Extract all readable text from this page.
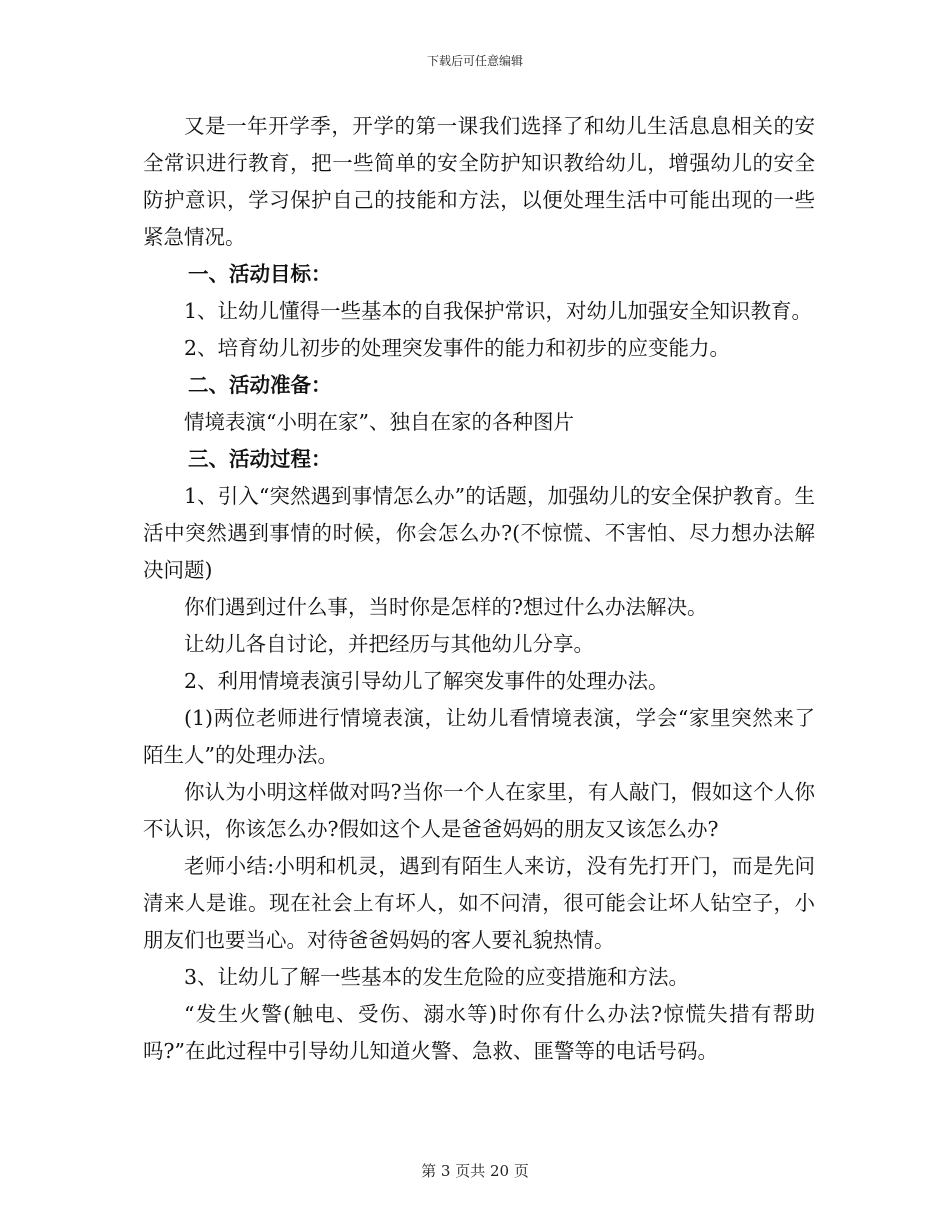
下载后可任意编辑

又是一年开学季，开学的第一课我们选择了和幼儿生活息息相关的安全常识进行教育，把一些简单的安全防护知识教给幼儿，增强幼儿的安全防护意识，学习保护自己的技能和方法，以便处理生活中可能出现的一些紧急情况。

一、活动目标：

1、让幼儿懂得一些基本的自我保护常识，对幼儿加强安全知识教育。

2、培育幼儿初步的处理突发事件的能力和初步的应变能力。

二、活动准备：

情境表演“小明在家”、独自在家的各种图片

三、活动过程：

1、引入“突然遇到事情怎么办”的话题，加强幼儿的安全保护教育。生活中突然遇到事情的时候，你会怎么办?(不惊慌、不害怕、尽力想办法解决问题)

你们遇到过什么事，当时你是怎样的?想过什么办法解决。

让幼儿各自讨论，并把经历与其他幼儿分享。

2、利用情境表演引导幼儿了解突发事件的处理办法。

(1)两位老师进行情境表演，让幼儿看情境表演，学会“家里突然来了陌生人”的处理办法。

你认为小明这样做对吗?当你一个人在家里，有人敲门，假如这个人你不认识，你该怎么办?假如这个人是爸爸妈妈的朋友又该怎么办?

老师小结:小明和机灵，遇到有陌生人来访，没有先打开门，而是先问清来人是谁。现在社会上有坏人，如不问清，很可能会让坏人钻空子，小朋友们也要当心。对待爸爸妈妈的客人要礼貌热情。

3、让幼儿了解一些基本的发生危险的应变措施和方法。

“发生火警(触电、受伤、溺水等)时你有什么办法?惊慌失措有帮助吗?”在此过程中引导幼儿知道火警、急救、匪警等的电话号码。

第 3 页共 20 页
